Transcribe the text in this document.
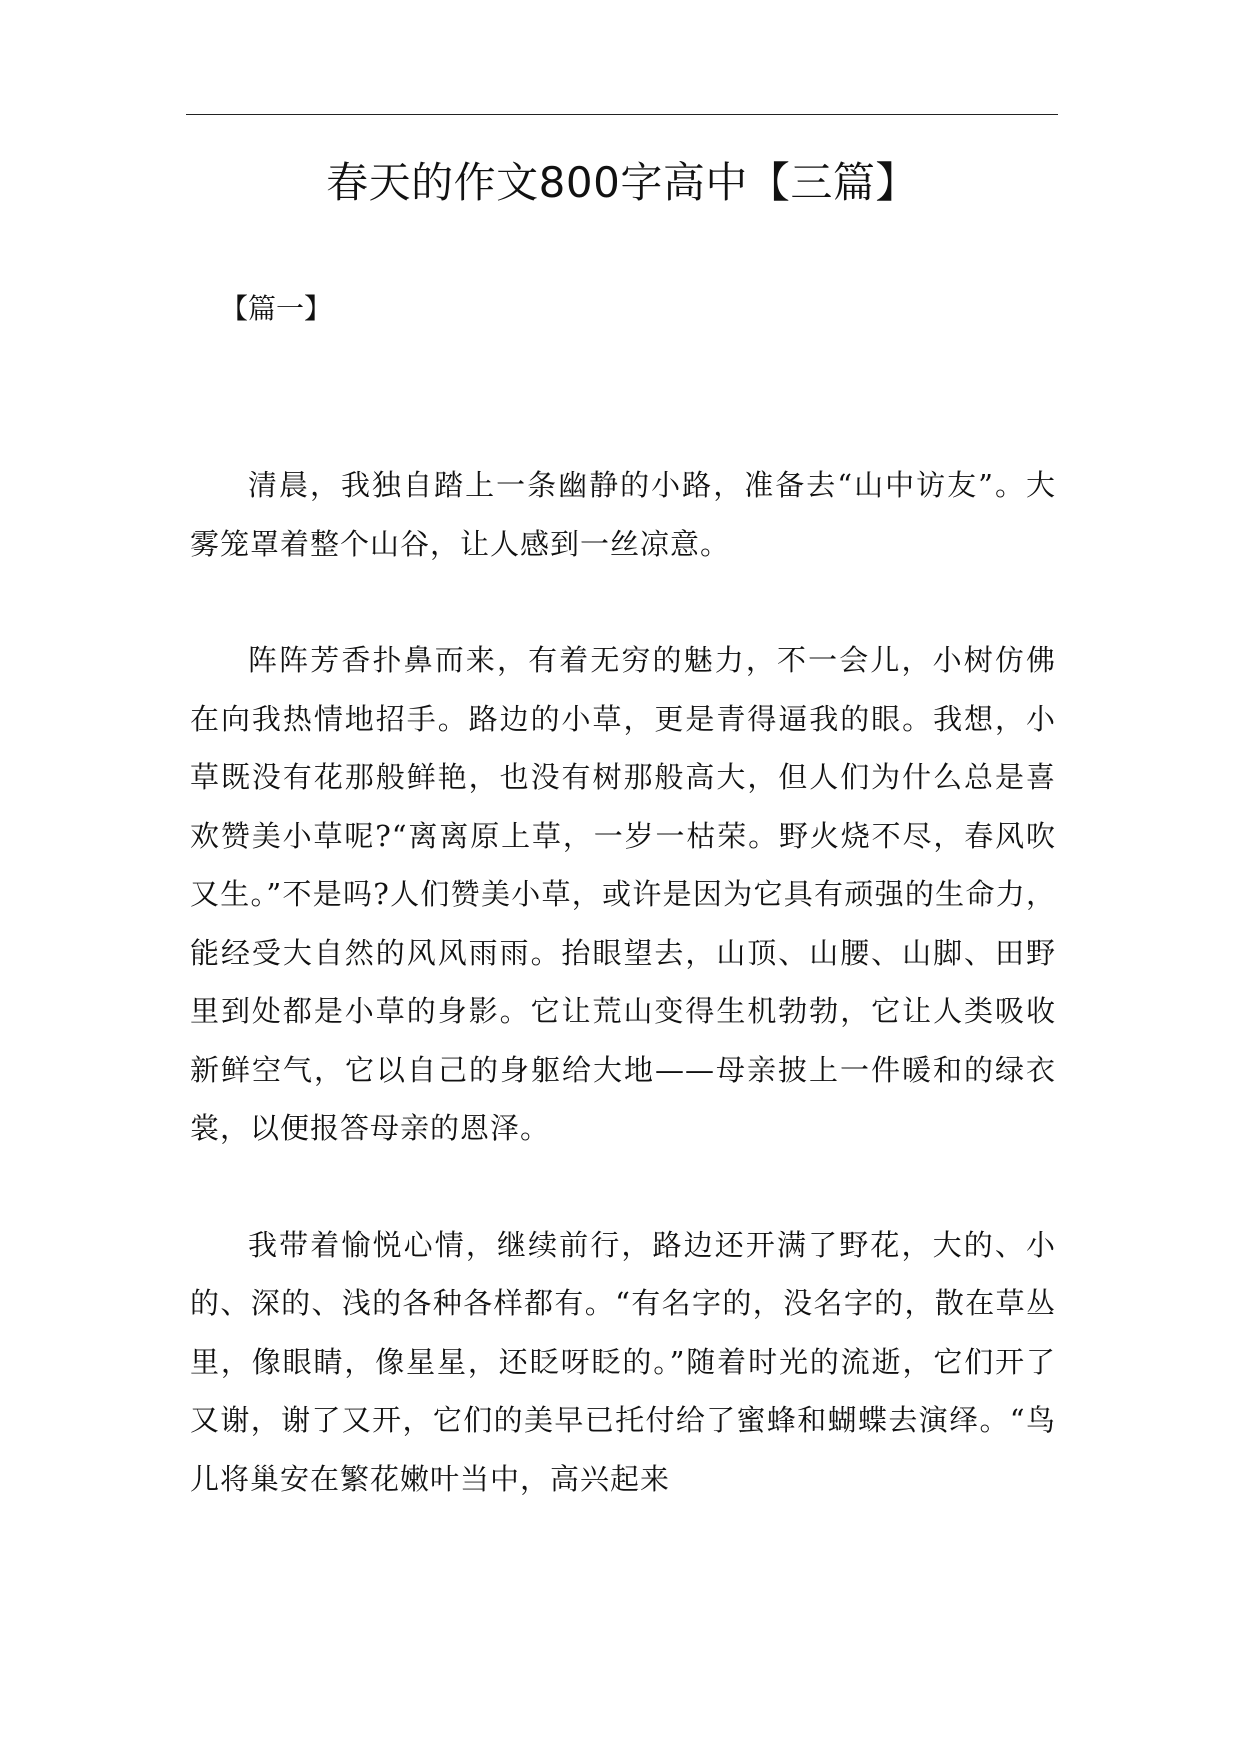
春天的作文800字高中【三篇】
【篇一】

清晨，我独自踏上一条幽静的小路，准备去“山中访友”。大雾笼罩着整个山谷，让人感到一丝凉意。

阵阵芳香扑鼻而来，有着无穷的魅力，不一会儿，小树仿佛在向我热情地招手。路边的小草，更是青得逼我的眼。我想，小草既没有花那般鲜艳，也没有树那般高大，但人们为什么总是喜欢赞美小草呢?“离离原上草，一岁一枯荣。野火烧不尽，春风吹又生。”不是吗?人们赞美小草，或许是因为它具有顽强的生命力，能经受大自然的风风雨雨。抬眼望去，山顶、山腰、山脚、田野里到处都是小草的身影。它让荒山变得生机勃勃，它让人类吸收新鲜空气，它以自己的身躯给大地——母亲披上一件暖和的绿衣裳，以便报答母亲的恩泽。

我带着愉悦心情，继续前行，路边还开满了野花，大的、小的、深的、浅的各种各样都有。“有名字的，没名字的，散在草丛里，像眼睛，像星星，还眨呀眨的。”随着时光的流逝，它们开了又谢，谢了又开，它们的美早已托付给了蜜蜂和蝴蝶去演绎。“鸟儿将巢安在繁花嫩叶当中，高兴起来
